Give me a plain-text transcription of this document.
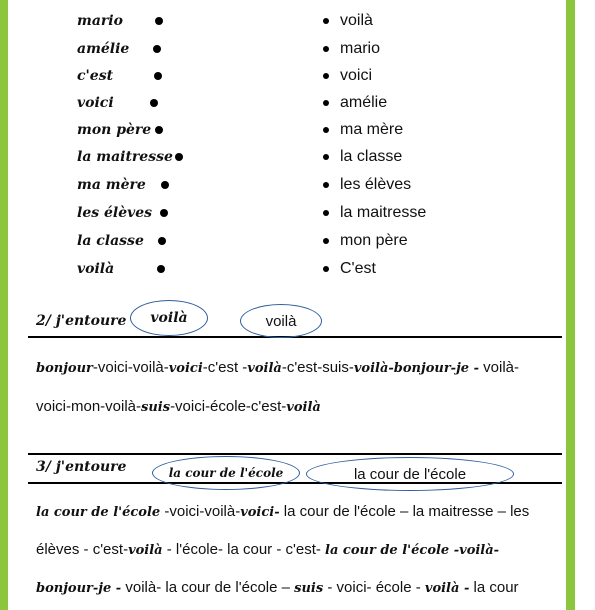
mario
amélie
c'est
voici
mon père
la maitresse
ma mère
les élèves
la classe
voilà
voilà
mario
voici
amélie
ma mère
la classe
les élèves
la maitresse
mon père
C'est
2/ j'entoure voilà	voilà
bonjour-voici-voilà-voici-c'est -voilà-c'est-suis-voilà-bonjour-je - voilà-
voici-mon-voilà-suis-voici-école-c'est-voilà
3/ j'entoure	la cour de l'école	la cour de l'école
la cour de l'école -voici-voilà-voici- la cour de l'école – la maitresse – les
élèves - c'est-voilà - l'école- la cour - c'est- la cour de l'école -voilà-
bonjour-je - voilà- la cour de l'école – suis - voici- école - voilà - la cour
